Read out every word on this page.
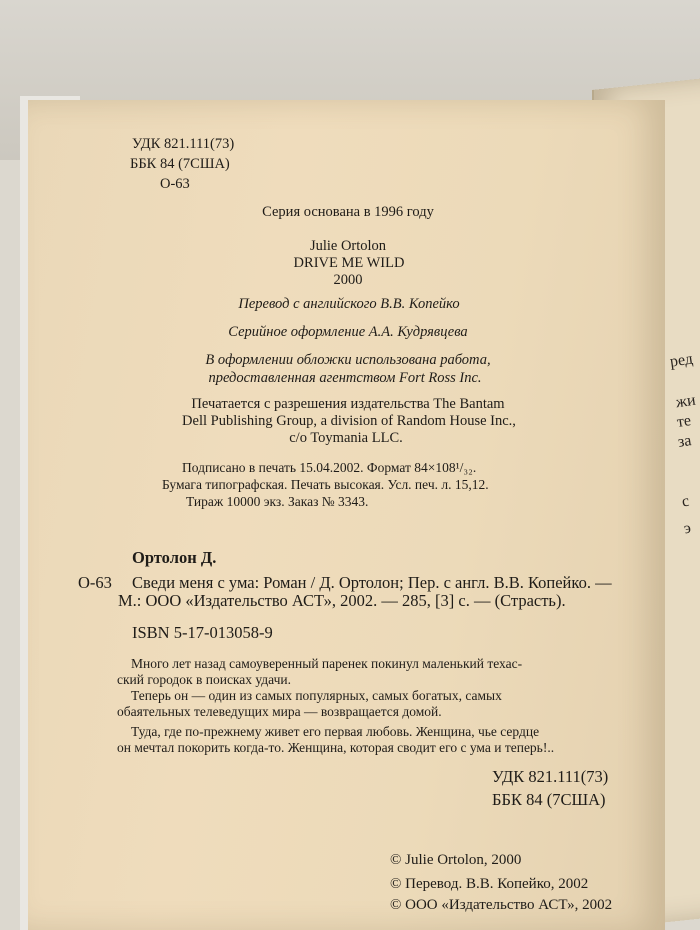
ред
жи
те
за
с
э
УДК 821.111(73)
ББК 84 (7США)
О-63
Серия основана в 1996 году
Julie Ortolon
DRIVE ME WILD
2000
Перевод с английского В.В. Копейко
Серийное оформление А.А. Кудрявцева
В оформлении обложки использована работа,
предоставленная агентством Fort Ross Inc.
Печатается с разрешения издательства The Bantam
Dell Publishing Group, a division of Random House Inc.,
c/o Toymania LLC.
Подписано в печать 15.04.2002. Формат 84×108¹/₃₂.
Бумага типографская. Печать высокая. Усл. печ. л. 15,12.
Тираж 10000 экз. Заказ № 3343.
Ортолон Д.
О-63 Сведи меня с ума: Роман / Д. Ортолон; Пер. с англ. В.В. Копейко. —
М.: ООО «Издательство АСТ», 2002. — 285, [3] с. — (Страсть).
ISBN 5-17-013058-9
Много лет назад самоуверенный паренек покинул маленький техас-
ский городок в поисках удачи.
Теперь он — один из самых популярных, самых богатых, самых
обаятельных телеведущих мира — возвращается домой.
Туда, где по-прежнему живет его первая любовь. Женщина, чье сердце
он мечтал покорить когда-то. Женщина, которая сводит его с ума и теперь!..
УДК 821.111(73)
ББК 84 (7США)
© Julie Ortolon, 2000
© Перевод. В.В. Копейко, 2002
© ООО «Издательство АСТ», 2002
